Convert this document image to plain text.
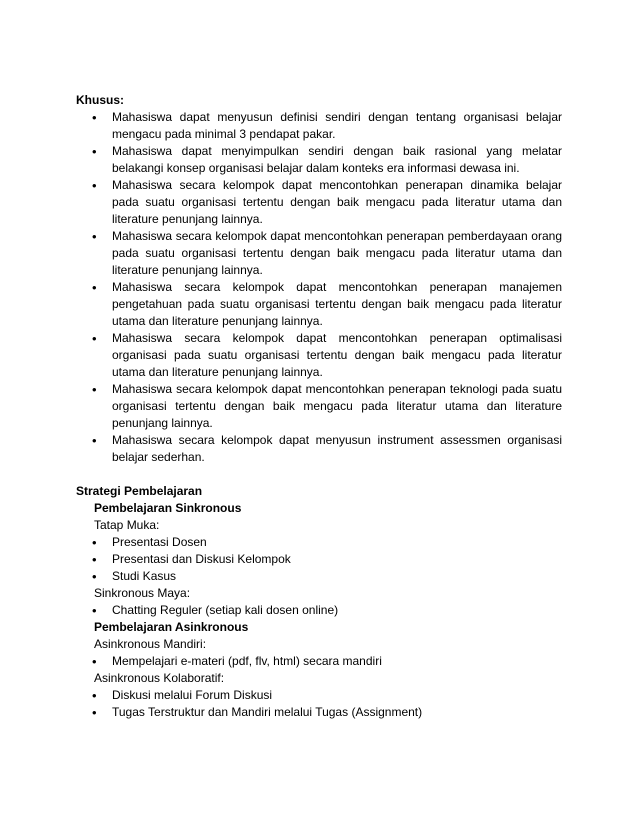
Khusus:

• Mahasiswa dapat menyusun definisi sendiri dengan tentang organisasi belajar mengacu pada minimal 3 pendapat pakar.
• Mahasiswa dapat menyimpulkan sendiri dengan baik rasional yang melatar belakangi konsep organisasi belajar dalam konteks era informasi dewasa ini.
• Mahasiswa secara kelompok dapat mencontohkan penerapan dinamika belajar pada suatu organisasi tertentu dengan baik mengacu pada literatur utama dan literature penunjang lainnya.
• Mahasiswa secara kelompok dapat mencontohkan penerapan pemberdayaan orang pada suatu organisasi tertentu dengan baik mengacu pada literatur utama dan literature penunjang lainnya.
• Mahasiswa secara kelompok dapat mencontohkan penerapan manajemen pengetahuan pada suatu organisasi tertentu dengan baik mengacu pada literatur utama dan literature penunjang lainnya.
• Mahasiswa secara kelompok dapat mencontohkan penerapan optimalisasi organisasi pada suatu organisasi tertentu dengan baik mengacu pada literatur utama dan literature penunjang lainnya.
• Mahasiswa secara kelompok dapat mencontohkan penerapan teknologi pada suatu organisasi tertentu dengan baik mengacu pada literatur utama dan literature penunjang lainnya.
• Mahasiswa secara kelompok dapat menyusun instrument assessmen organisasi belajar sederhan.

Strategi Pembelajaran

Pembelajaran Sinkronous
Tatap Muka:
• Presentasi Dosen
• Presentasi dan Diskusi Kelompok
• Studi Kasus
Sinkronous Maya:
• Chatting Reguler (setiap kali dosen online)
Pembelajaran Asinkronous
Asinkronous Mandiri:
• Mempelajari e-materi (pdf, flv, html) secara mandiri
Asinkronous Kolaboratif:
• Diskusi melalui Forum Diskusi
• Tugas Terstruktur dan Mandiri melalui Tugas (Assignment)
